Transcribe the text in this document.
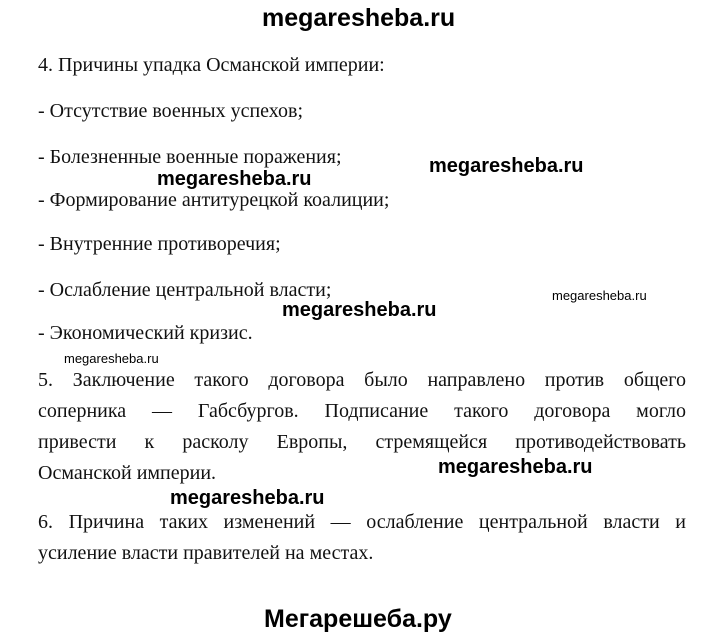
megaresheba.ru
4. Причины упадка Османской империи:
- Отсутствие военных успехов;
- Болезненные военные поражения;
- Формирование антитурецкой коалиции;
- Внутренние противоречия;
- Ослабление центральной власти;
- Экономический кризис.
5. Заключение такого договора было направлено против общего
соперника — Габсбургов. Подписание такого договора могло
привести к расколу Европы, стремящейся противодействовать
Османской империи.
6. Причина таких изменений — ослабление центральной власти и
усиление власти правителей на местах.
megaresheba.ru
megaresheba.ru
megaresheba.ru
megaresheba.ru
megaresheba.ru
megaresheba.ru
megaresheba.ru
Мегарешеба.ру
